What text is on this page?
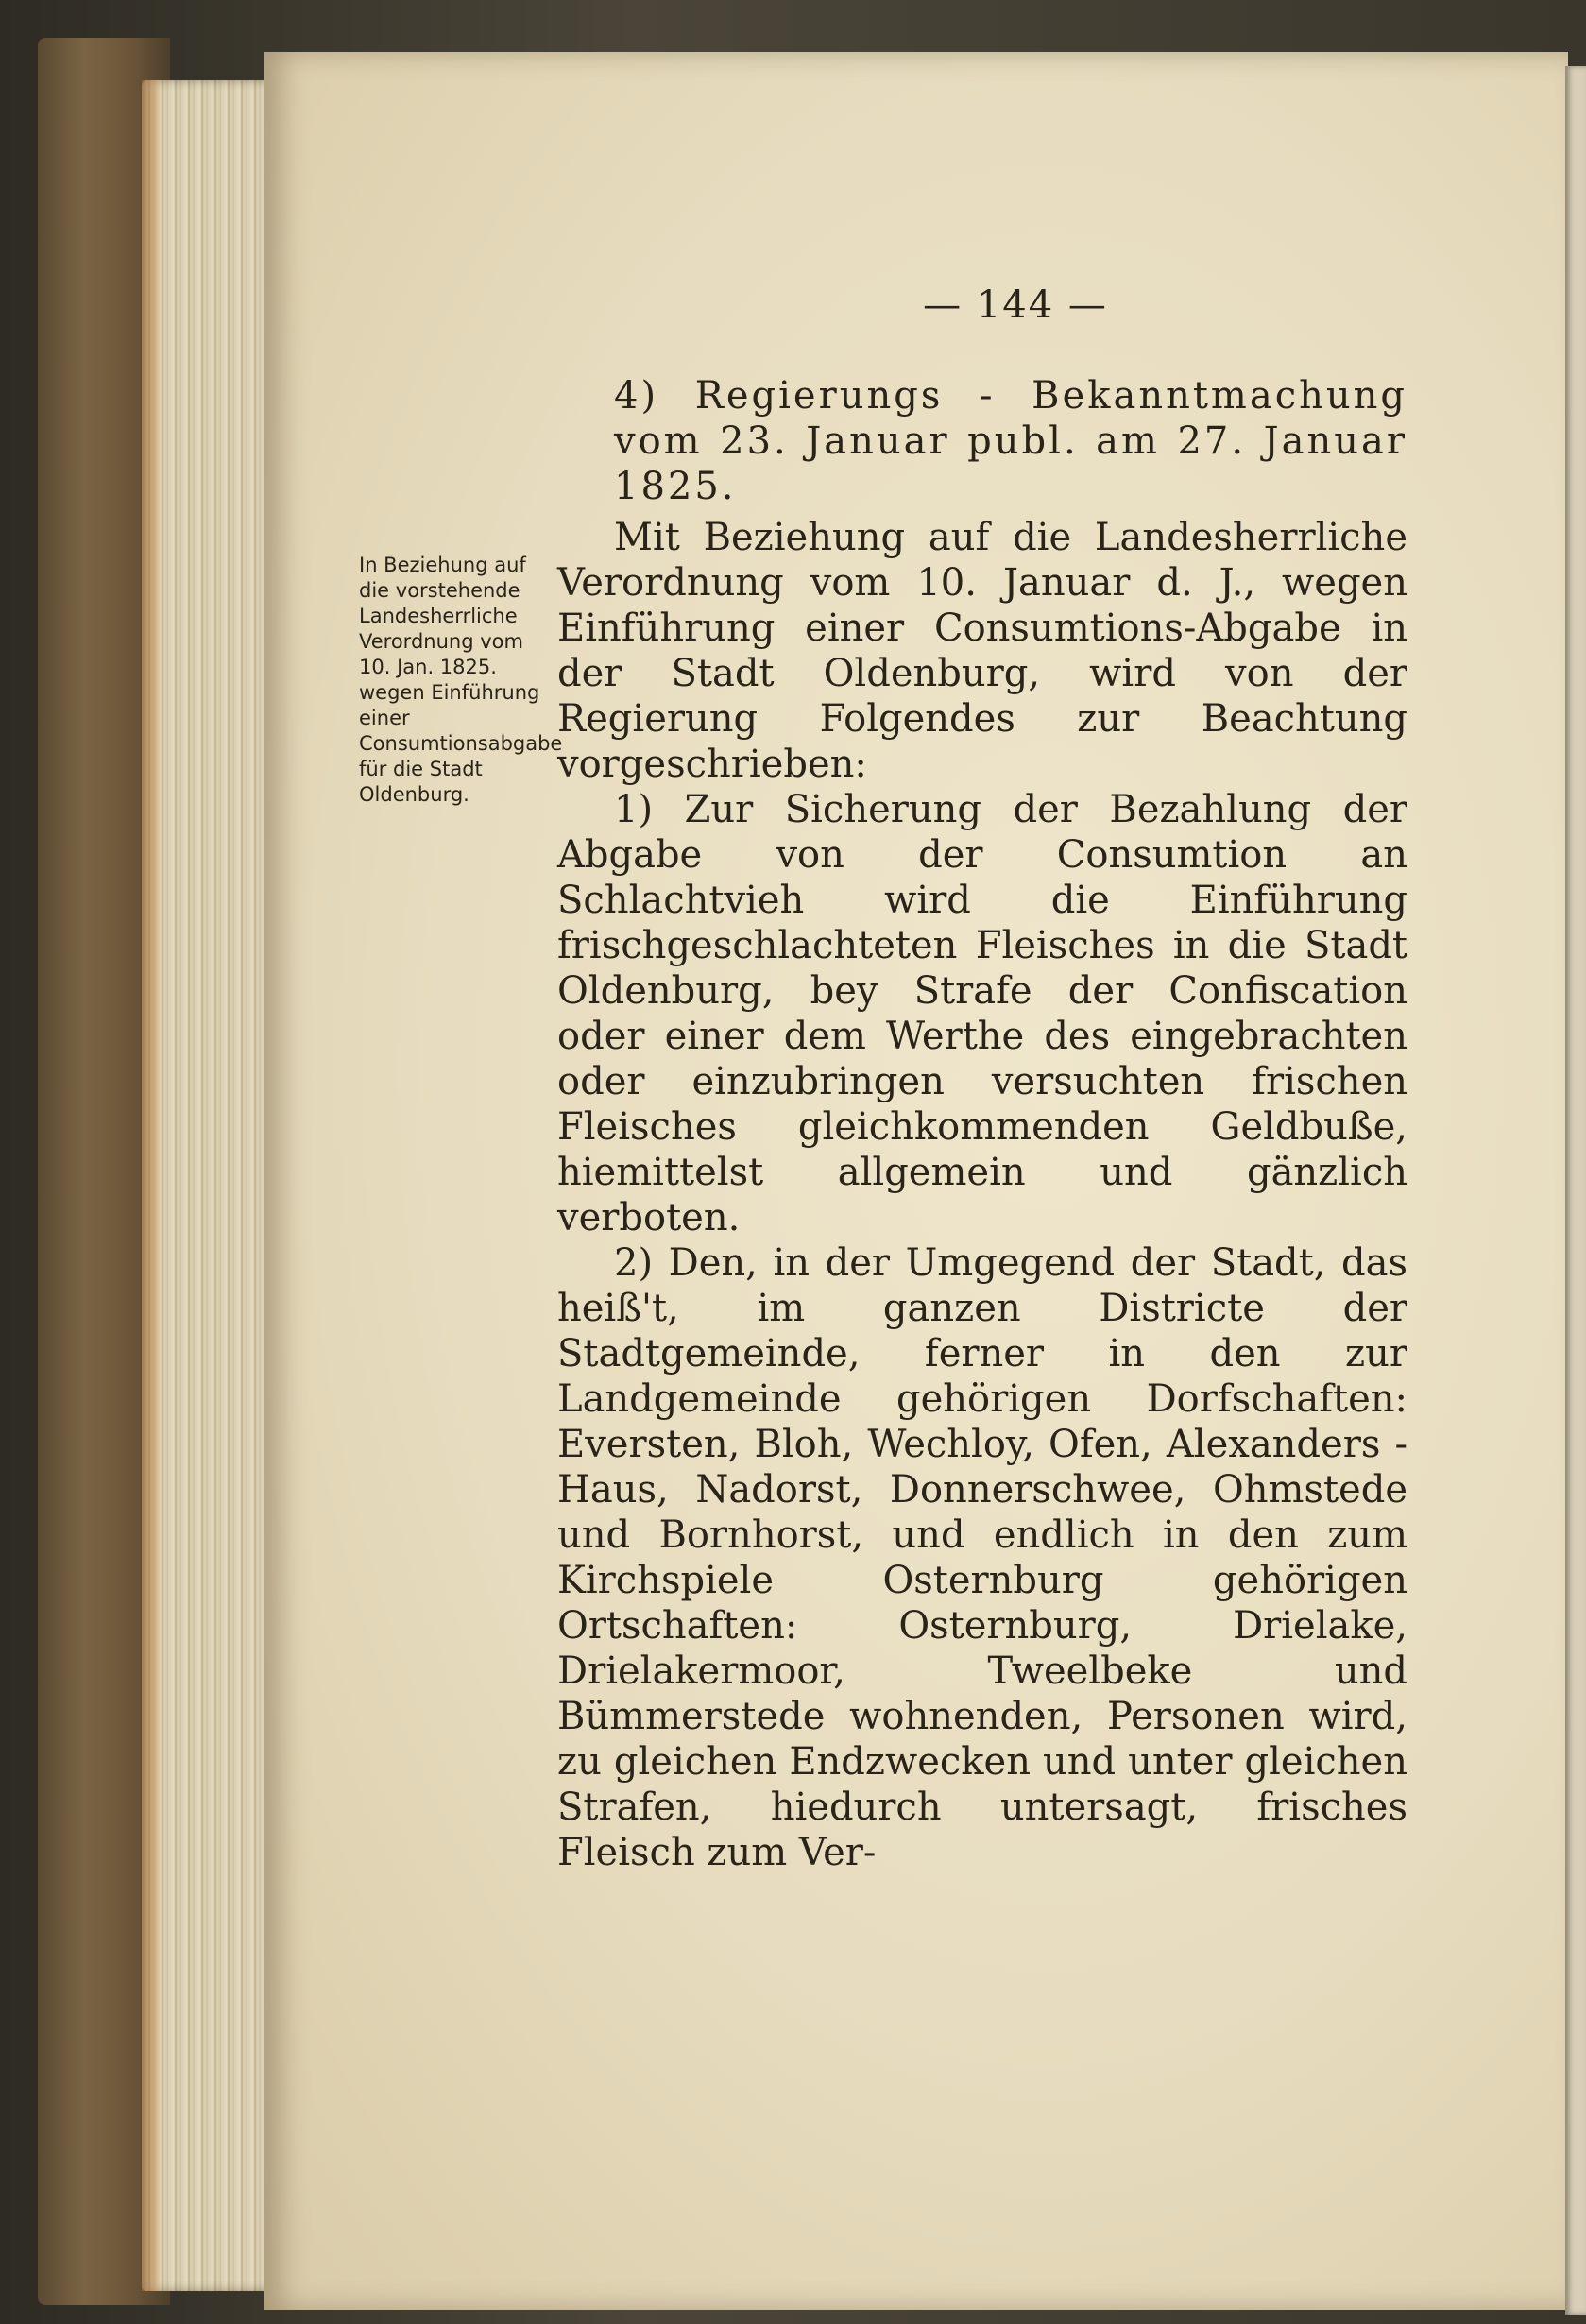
— 144 —
In Beziehung auf die vorstehende Landesherrliche Verordnung vom 10. Jan. 1825. wegen Einführung einer Consumtionsabgabe für die Stadt Oldenburg.

4) Regierungs - Bekanntmachung vom 23. Januar publ. am 27. Januar 1825.

Mit Beziehung auf die Landesherrliche Verordnung vom 10. Januar d. J., wegen Einführung einer Consumtions-Abgabe in der Stadt Oldenburg, wird von der Regierung Folgendes zur Beachtung vorgeschrieben:

1) Zur Sicherung der Bezahlung der Abgabe von der Consumtion an Schlachtvieh wird die Einführung frischgeschlachteten Fleisches in die Stadt Oldenburg, bey Strafe der Confiscation oder einer dem Werthe des eingebrachten oder einzubringen versuchten frischen Fleisches gleichkommenden Geldbuße, hiemittelst allgemein und gänzlich verboten.

2) Den, in der Umgegend der Stadt, das heiß't, im ganzen Districte der Stadtgemeinde, ferner in den zur Landgemeinde gehörigen Dorfschaften: Eversten, Bloh, Wechloy, Ofen, Alexanders - Haus, Nadorst, Donnerschwee, Ohmstede und Bornhorst, und endlich in den zum Kirchspiele Osternburg gehörigen Ortschaften: Osternburg, Drielake, Drielakermoor, Tweelbeke und Bümmerstede wohnenden, Personen wird, zu gleichen Endzwecken und unter gleichen Strafen, hiedurch untersagt, frisches Fleisch zum Ver-
